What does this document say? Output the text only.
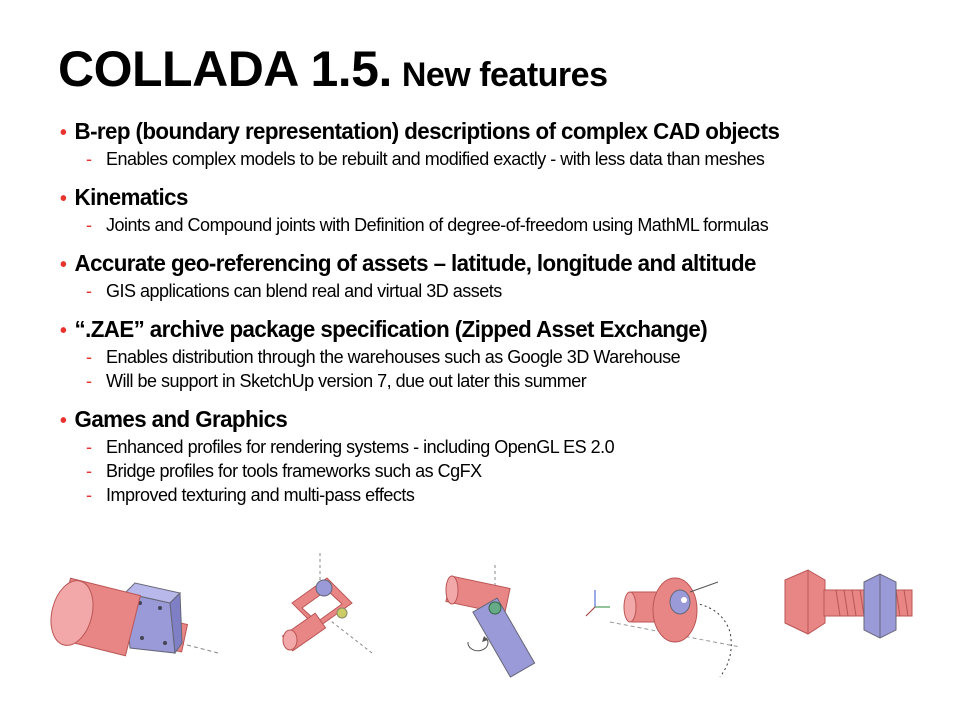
COLLADA 1.5. New features
• B-rep (boundary representation) descriptions of complex CAD objects
- Enables complex models to be rebuilt and modified exactly - with less data than meshes
• Kinematics
- Joints and Compound joints with Definition of degree-of-freedom using MathML formulas
• Accurate geo-referencing of assets – latitude, longitude and altitude
- GIS applications can blend real and virtual 3D assets
• “.ZAE” archive package specification (Zipped Asset Exchange)
- Enables distribution through the warehouses such as Google 3D Warehouse
- Will be support in SketchUp version 7, due out later this summer
• Games and Graphics
- Enhanced profiles for rendering systems - including OpenGL ES 2.0
- Bridge profiles for tools frameworks such as CgFX
- Improved texturing and multi-pass effects
